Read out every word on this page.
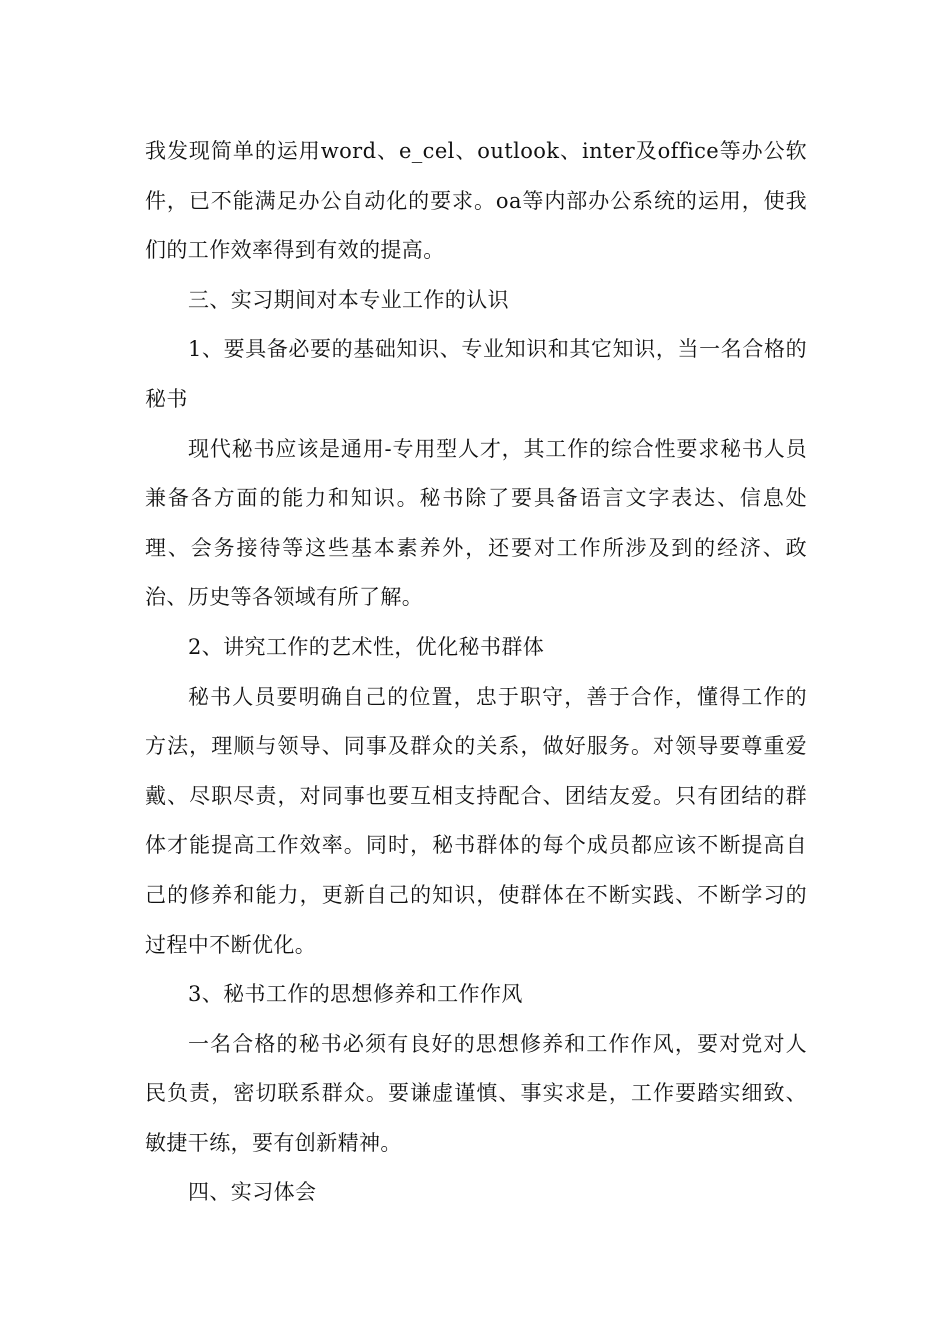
我发现简单的运用word、e_cel、outlook、inter及office等办公软件，已不能满足办公自动化的要求。oa等内部办公系统的运用，使我们的工作效率得到有效的提高。

三、实习期间对本专业工作的认识

1、要具备必要的基础知识、专业知识和其它知识，当一名合格的秘书

现代秘书应该是通用-专用型人才，其工作的综合性要求秘书人员兼备各方面的能力和知识。秘书除了要具备语言文字表达、信息处理、会务接待等这些基本素养外，还要对工作所涉及到的经济、政治、历史等各领域有所了解。

2、讲究工作的艺术性，优化秘书群体

秘书人员要明确自己的位置，忠于职守，善于合作，懂得工作的方法，理顺与领导、同事及群众的关系，做好服务。对领导要尊重爱戴、尽职尽责，对同事也要互相支持配合、团结友爱。只有团结的群体才能提高工作效率。同时，秘书群体的每个成员都应该不断提高自己的修养和能力，更新自己的知识，使群体在不断实践、不断学习的过程中不断优化。

3、秘书工作的思想修养和工作作风

一名合格的秘书必须有良好的思想修养和工作作风，要对党对人民负责，密切联系群众。要谦虚谨慎、事实求是，工作要踏实细致、敏捷干练，要有创新精神。

四、实习体会
